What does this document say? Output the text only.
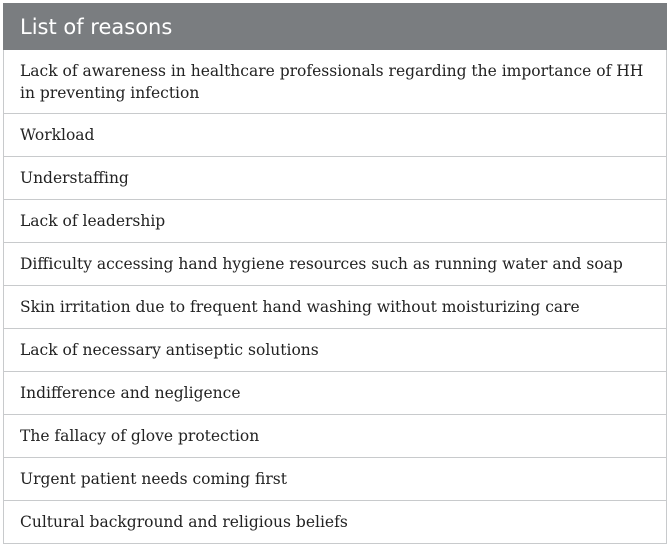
List of reasons
Lack of awareness in healthcare professionals regarding the importance of HH in preventing infection
Workload
Understaffing
Lack of leadership
Difficulty accessing hand hygiene resources such as running water and soap
Skin irritation due to frequent hand washing without moisturizing care
Lack of necessary antiseptic solutions
Indifference and negligence
The fallacy of glove protection
Urgent patient needs coming first
Cultural background and religious beliefs
